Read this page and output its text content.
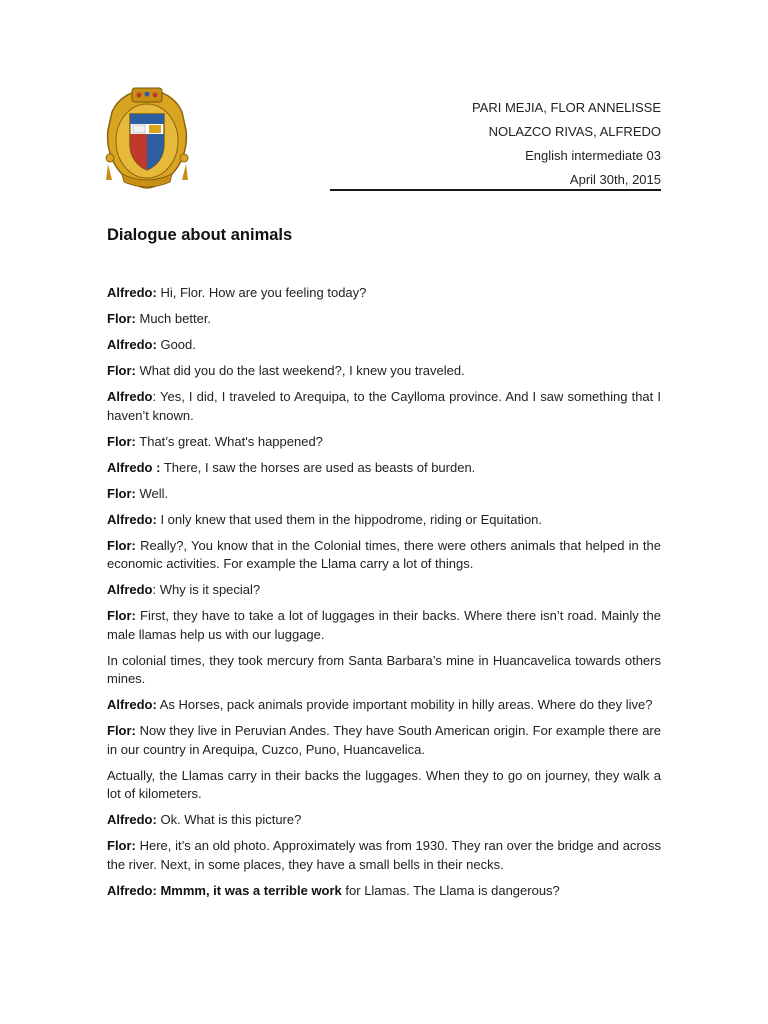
PARI MEJIA, FLOR ANNELISSE
NOLAZCO RIVAS, ALFREDO
English intermediate 03
April 30th, 2015
Dialogue about animals

Alfredo: Hi, Flor. How are you feeling today?

Flor: Much better.

Alfredo: Good.

Flor: What did you do the last weekend?, I knew you traveled.

Alfredo: Yes, I did, I traveled to Arequipa, to the Caylloma province. And I saw something that I haven’t known.

Flor: That’s great. What's happened?

Alfredo : There, I saw the horses are used as beasts of burden.

Flor: Well.

Alfredo: I only knew that used them in the hippodrome, riding or Equitation.

Flor: Really?, You know that in the Colonial times, there were others animals that helped in the economic activities. For example the Llama carry a lot of things.

Alfredo: Why is it special?

Flor: First, they have to take a lot of luggages in their backs. Where there isn’t road. Mainly the male llamas help us with our luggage.

In colonial times, they took mercury from Santa Barbara’s mine in Huancavelica towards others mines.

Alfredo: As Horses, pack animals provide important mobility in hilly areas. Where do they live?

Flor: Now they live in Peruvian Andes. They have South American origin. For example there are in our country in Arequipa, Cuzco, Puno, Huancavelica.

Actually, the Llamas carry in their backs the luggages. When they to go on journey, they walk a lot of kilometers.

Alfredo: Ok. What is this picture?

Flor: Here, it’s an old photo. Approximately was from 1930. They ran over the bridge and across the river. Next, in some places, they have a small bells in their necks.

Alfredo: Mmmm, it was a terrible work for Llamas. The Llama is dangerous?
